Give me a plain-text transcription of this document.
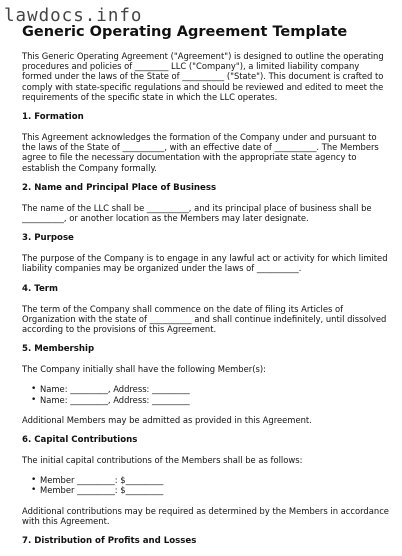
lawdocs.info
Generic Operating Agreement Template

This Generic Operating Agreement ("Agreement") is designed to outline the operating procedures and policies of ________ LLC ("Company"), a limited liability company formed under the laws of the State of __________ ("State"). This document is crafted to comply with state-specific regulations and should be reviewed and edited to meet the requirements of the specific state in which the LLC operates.

1. Formation

This Agreement acknowledges the formation of the Company under and pursuant to the laws of the State of __________, with an effective date of __________. The Members agree to file the necessary documentation with the appropriate state agency to establish the Company formally.

2. Name and Principal Place of Business

The name of the LLC shall be __________, and its principal place of business shall be __________, or another location as the Members may later designate.

3. Purpose

The purpose of the Company is to engage in any lawful act or activity for which limited liability companies may be organized under the laws of __________.

4. Term

The term of the Company shall commence on the date of filing its Articles of Organization with the state of __________ and shall continue indefinitely, until dissolved according to the provisions of this Agreement.

5. Membership

The Company initially shall have the following Member(s):

• Name: _________, Address: _________
• Name: _________, Address: _________

Additional Members may be admitted as provided in this Agreement.

6. Capital Contributions

The initial capital contributions of the Members shall be as follows:

• Member _________: $_________
• Member _________: $_________

Additional contributions may be required as determined by the Members in accordance with this Agreement.

7. Distribution of Profits and Losses
